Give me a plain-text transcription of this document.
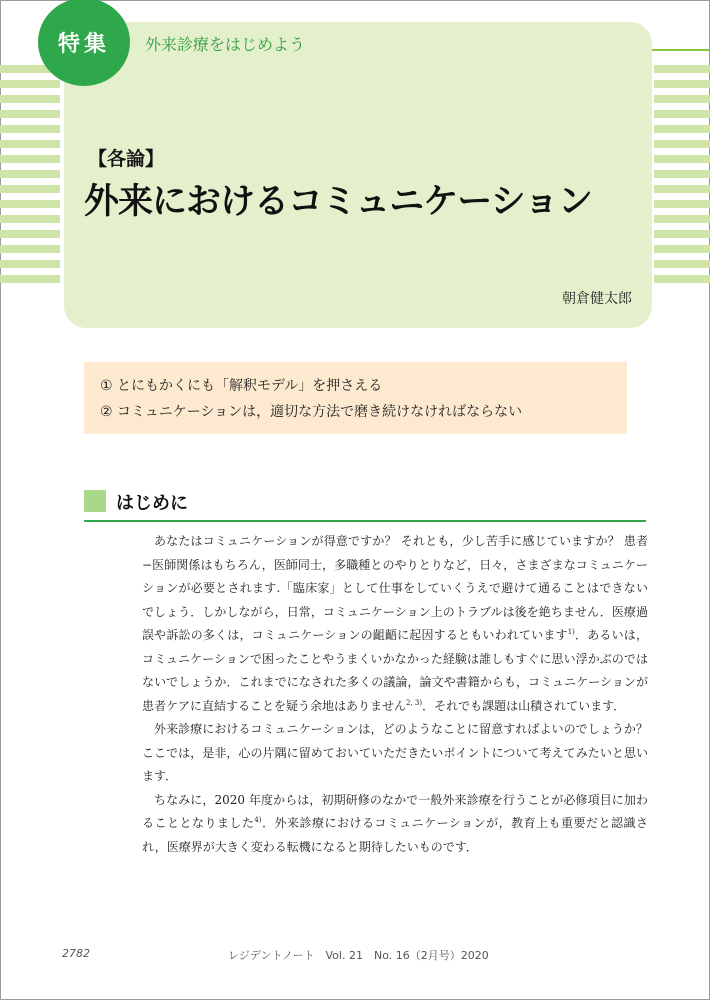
特集	外来診療をはじめよう
【各論】
外来におけるコミュニケーション
朝倉健太郎
① とにもかくにも「解釈モデル」を押さえる
② コミュニケーションは，適切な方法で磨き続けなければならない
はじめに

あなたはコミュニケーションが得意ですか？ それとも，少し苦手に感じていますか？ 患者−医師関係はもちろん，医師同士，多職種とのやりとりなど，日々，さまざまなコミュニケーションが必要とされます.「臨床家」として仕事をしていくうえで避けて通ることはできないでしょう．しかしながら，日常，コミュニケーション上のトラブルは後を絶ちません．医療過誤や訴訟の多くは，コミュニケーションの齟齬に起因するともいわれています$^{1)}$．あるいは，コミュニケーションで困ったことやうまくいかなかった経験は誰しもすぐに思い浮かぶのではないでしょうか．これまでになされた多くの議論，論文や書籍からも，コミュニケーションが患者ケアに直結することを疑う余地はありません$^{2, 3)}$．それでも課題は山積されています．

外来診療におけるコミュニケーションは，どのようなことに留意すればよいのでしょうか？ ここでは，是非，心の片隅に留めておいていただきたいポイントについて考えてみたいと思います．

ちなみに，2020 年度からは，初期研修のなかで一般外来診療を行うことが必修項目に加わることとなりました$^{4)}$．外来診療におけるコミュニケーションが，教育上も重要だと認識され，医療界が大きく変わる転機になると期待したいものです．

2782	レジデントノート　Vol. 21　No. 16（2月号）2020
